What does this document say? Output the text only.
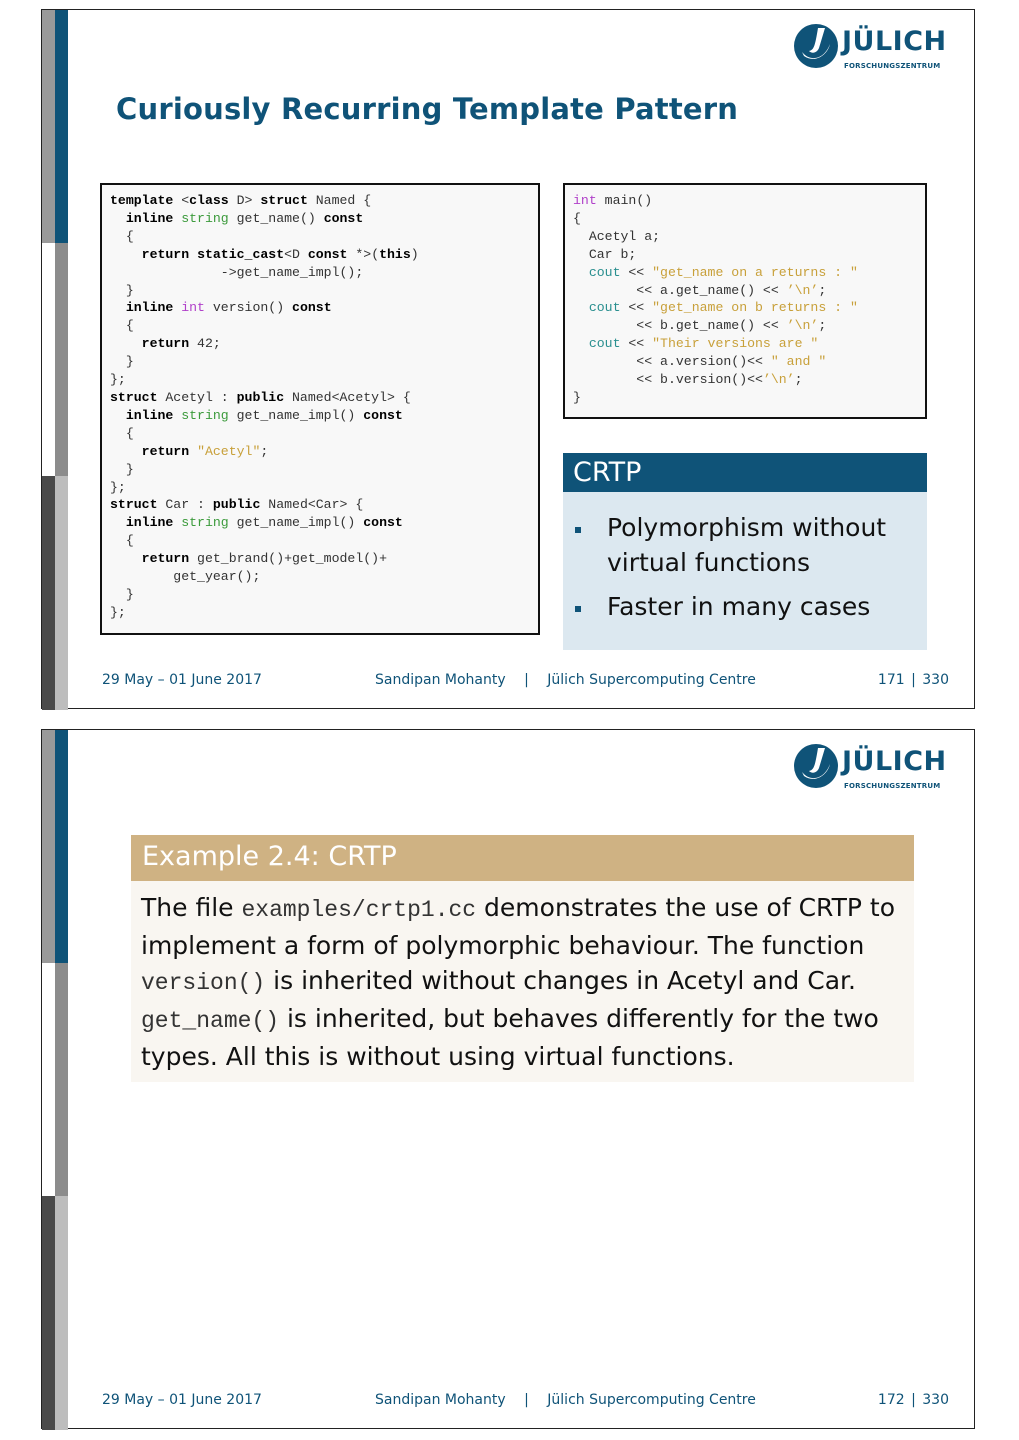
JÜLICH
FORSCHUNGSZENTRUM
Curiously Recurring Template Pattern
template <class D> struct Named {
inline string get_name() const
{
return static_cast<D const *>(this)
->get_name_impl();
}
inline int version() const
{
return 42;
}
};
struct Acetyl : public Named<Acetyl> {
inline string get_name_impl() const
{
return "Acetyl";
}
};
struct Car : public Named<Car> {
inline string get_name_impl() const
{
return get_brand()+get_model()+
get_year();
}
};
int main()
{
Acetyl a;
Car b;
cout << "get_name on a returns : "
<< a.get_name() << ’\n’;
cout << "get_name on b returns : "
<< b.get_name() << ’\n’;
cout << "Their versions are "
<< a.version()<< " and "
<< b.version()<<’\n’;
}
CRTP
Polymorphism without virtual functions
Faster in many cases
29 May – 01 June 2017	Sandipan Mohanty | Jülich Supercomputing Centre	171 | 330
JÜLICH
FORSCHUNGSZENTRUM
Example 2.4: CRTP
The file examples/crtp1.cc demonstrates the use of CRTP to implement a form of polymorphic behaviour. The function version() is inherited without changes in Acetyl and Car. get_name() is inherited, but behaves differently for the two types. All this is without using virtual functions.
29 May – 01 June 2017	Sandipan Mohanty | Jülich Supercomputing Centre	172 | 330
